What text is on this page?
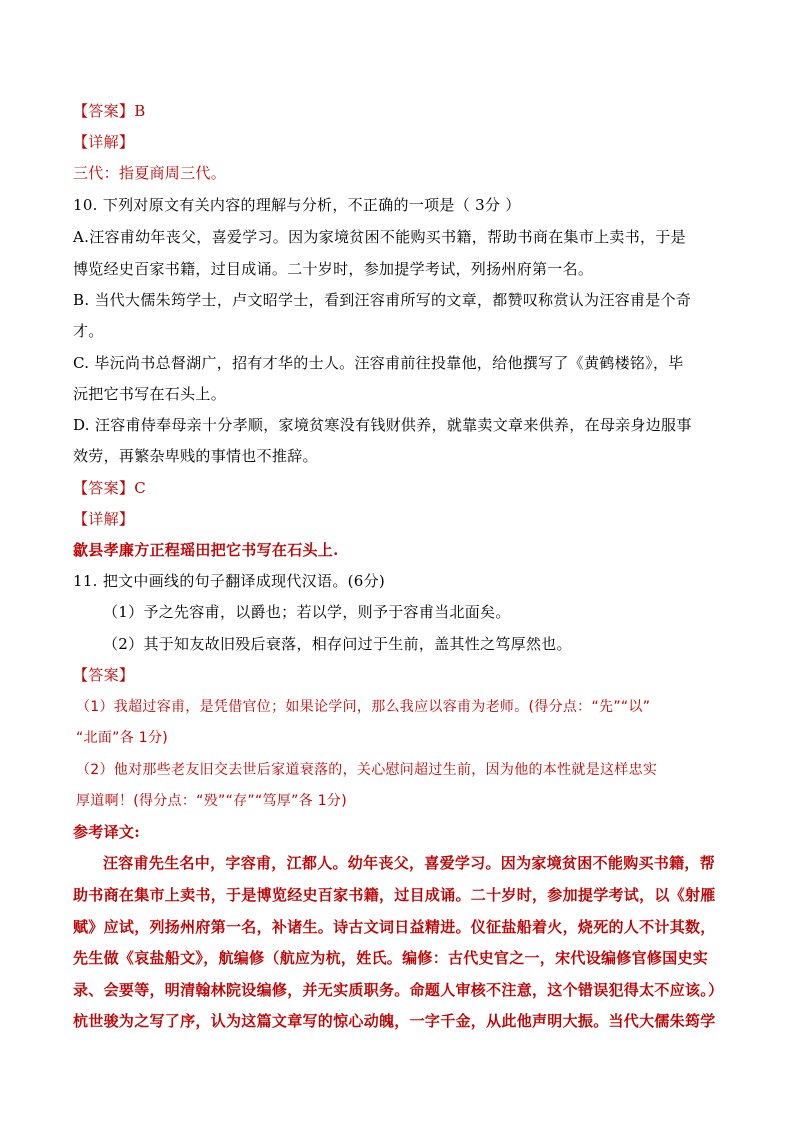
【答案】B
【详解】
三代：指夏商周三代。
10. 下列对原文有关内容的理解与分析，不正确的一项是（ 3分 ）
A.汪容甫幼年丧父，喜爱学习。因为家境贫困不能购买书籍，帮助书商在集市上卖书，于是
博览经史百家书籍，过目成诵。二十岁时，参加提学考试，列扬州府第一名。
B. 当代大儒朱筠学士，卢文昭学士，看到汪容甫所写的文章，都赞叹称赏认为汪容甫是个奇
才。
C. 毕沅尚书总督湖广，招有才华的士人。汪容甫前往投靠他，给他撰写了《黄鹤楼铭》，毕
沅把它书写在石头上。
D. 汪容甫侍奉母亲十分孝顺，家境贫寒没有钱财供养，就靠卖文章来供养，在母亲身边服事
效劳，再繁杂卑贱的事情也不推辞。
【答案】C
【详解】
歙县孝廉方正程瑶田把它书写在石头上.
11. 把文中画线的句子翻译成现代汉语。(6分)
（1）予之先容甫，以爵也；若以学，则予于容甫当北面矣。
（2）其于知友故旧殁后衰落，相存问过于生前，盖其性之笃厚然也。
【答案】
（1）我超过容甫，是凭借官位；如果论学问，那么我应以容甫为老师。(得分点：“先”“以”
“北面”各 1分)
（2）他对那些老友旧交去世后家道衰落的，关心慰问超过生前，因为他的本性就是这样忠实
厚道啊！(得分点：“殁”“存”“笃厚”各 1分)
参考译文:
汪容甫先生名中，字容甫，江都人。幼年丧父，喜爱学习。因为家境贫困不能购买书籍，帮
助书商在集市上卖书，于是博览经史百家书籍，过目成诵。二十岁时，参加提学考试，以《射雁
赋》应试，列扬州府第一名，补诸生。诗古文词日益精进。仪征盐船着火，烧死的人不计其数，
先生做《哀盐船文》，航编修（航应为杭，姓氏。编修：古代史官之一，宋代设编修官修国史实
录、会要等，明清翰林院设编修，并无实质职务。命题人审核不注意，这个错误犯得太不应该。）
杭世骏为之写了序，认为这篇文章写的惊心动魄，一字千金，从此他声明大振。当代大儒朱筠学
